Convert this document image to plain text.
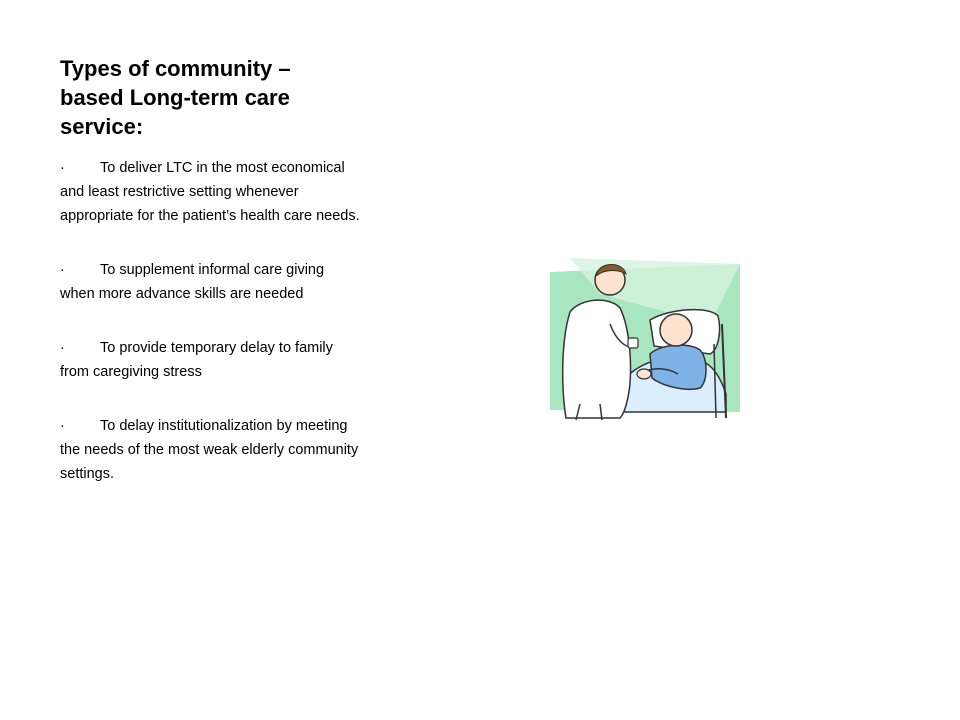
Types of community – based Long-term care service:
· To deliver LTC in the most economical and least restrictive setting whenever appropriate for the patient’s health care needs.
· To supplement informal care giving when more advance skills are needed
· To provide temporary delay to family from caregiving stress
· To delay institutionalization by meeting the needs of the most weak elderly community settings.
